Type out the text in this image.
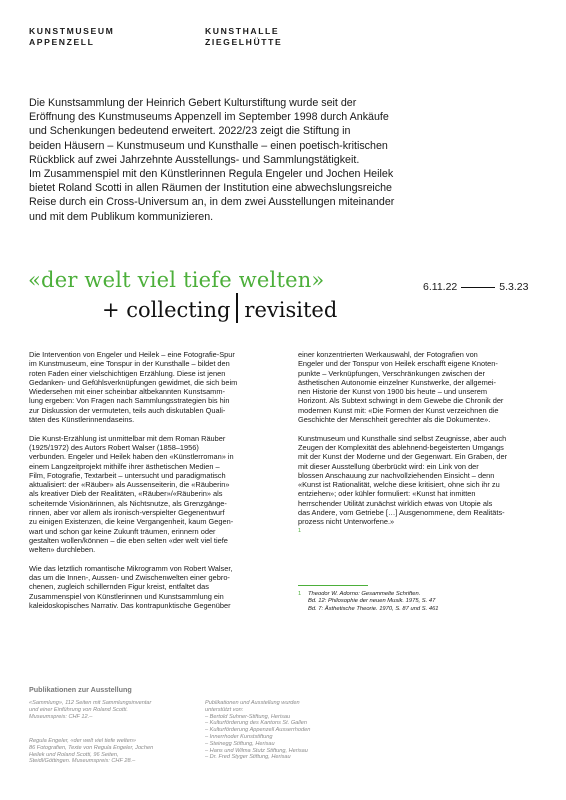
KUNSTMUSEUM
APPENZELL
KUNSTHALLE
ZIEGELHÜTTE

Die Kunstsammlung der Heinrich Gebert Kulturstiftung wurde seit der
Eröffnung des Kunstmuseums Appenzell im September 1998 durch Ankäufe
und Schenkungen bedeutend erweitert. 2022/23 zeigt die Stiftung in
beiden Häusern – Kunstmuseum und Kunsthalle – einen poetisch-kritischen
Rückblick auf zwei Jahrzehnte Ausstellungs- und Sammlungstätigkeit.
Im Zusammenspiel mit den Künstlerinnen Regula Engeler und Jochen Heilek
bietet Roland Scotti in allen Räumen der Institution eine abwechslungsreiche
Reise durch ein Cross-Universum an, in dem zwei Ausstellungen miteinander
und mit dem Publikum kommunizieren.

«der welt viel tiefe welten»
+ collecting revisited
6.11.22	5.3.23

Die Intervention von Engeler und Heilek – eine Fotografie-Spur
im Kunstmuseum, eine Tonspur in der Kunsthalle – bildet den
roten Faden einer vielschichtigen Erzählung. Diese ist jenen
Gedanken- und Gefühlsverknüpfungen gewidmet, die sich beim
Wiedersehen mit einer scheinbar altbekannten Kunstsamm-
lung ergeben: Von Fragen nach Sammlungsstrategien bis hin
zur Diskussion der vermuteten, teils auch diskutablen Quali-
täten des Künstlerinnendaseins.

Die Kunst-Erzählung ist unmittelbar mit dem Roman Räuber
(1925/1972) des Autors Robert Walser (1858–1956)
verbunden. Engeler und Heilek haben den «Künstlerroman» in
einem Langzeitprojekt mithilfe ihrer ästhetischen Medien –
Film, Fotografie, Textarbeit – untersucht und paradigmatisch
aktualisiert: der «Räuber» als Aussenseiterin, die «Räuberin»
als kreativer Dieb der Realitäten, «Räuber»/«Räuberin» als
scheiternde Visionärinnen, als Nichtsnutze, als Grenzgänge-
rinnen, aber vor allem als ironisch-verspielter Gegenentwurf
zu einigen Existenzen, die keine Vergangenheit, kaum Gegen-
wart und schon gar keine Zukunft träumen, erinnern oder
gestalten wollen/können – die eben selten «der welt viel tiefe
welten» durchleben.

Wie das letztlich romantische Mikrogramm von Robert Walser,
das um die Innen-, Aussen- und Zwischenwelten einer gebro-
chenen, zugleich schillernden Figur kreist, entfaltet das
Zusammenspiel von Künstlerinnen und Kunstsammlung ein
kaleidoskopisches Narrativ. Das kontrapunktische Gegenüber

einer konzentrierten Werkauswahl, der Fotografien von
Engeler und der Tonspur von Heilek erschafft eigene Knoten-
punkte – Verknüpfungen, Verschränkungen zwischen der
ästhetischen Autonomie einzelner Kunstwerke, der allgemei-
nen Historie der Kunst von 1900 bis heute – und unserem
Horizont. Als Subtext schwingt in dem Gewebe die Chronik der
modernen Kunst mit: «Die Formen der Kunst verzeichnen die
Geschichte der Menschheit gerechter als die Dokumente».

Kunstmuseum und Kunsthalle sind selbst Zeugnisse, aber auch
Zeugen der Komplexität des ablehnend-begeisterten Umgangs
mit der Kunst der Moderne und der Gegenwart. Ein Graben, der
mit dieser Ausstellung überbrückt wird: ein Link von der
blossen Anschauung zur nachvollziehenden Einsicht – denn
«Kunst ist Rationalität, welche diese kritisiert, ohne sich ihr zu
entziehen»; oder kühler formuliert: «Kunst hat inmitten
herrschender Utilität zunächst wirklich etwas von Utopie als
das Andere, vom Getriebe […] Ausgenommene, dem Realitäts-
prozess nicht Unterworfene.»
1

1	Theodor W. Adorno: Gesammelte Schriften.
Bd. 12: Philosophie der neuen Musik. 1975, S. 47
Bd. 7: Ästhetische Theorie. 1970, S. 87 und S. 461
Publikationen zur Ausstellung
«Sammlung», 112 Seiten mit Sammlungsinventar
und einer Einführung von Roland Scotti.
Museumspreis: CHF 12.–
Regula Engeler, «der welt viel tiefe welten»
86 Fotografien, Texte von Regula Engeler, Jochen
Heilek und Roland Scotti, 96 Seiten,
Steidl/Göttingen. Museumspreis: CHF 28.–
Publikationen und Ausstellung wurden
unterstützt von:
– Bertold Suhner-Stiftung, Herisau
– Kulturförderung des Kantons St. Gallen
– Kulturförderung Appenzell Ausserrhoden
– Innerrhoder Kunststiftung
– Steinegg Stiftung, Herisau
– Hans und Wilma Stutz Stiftung, Herisau
– Dr. Fred Styger Stiftung, Herisau
